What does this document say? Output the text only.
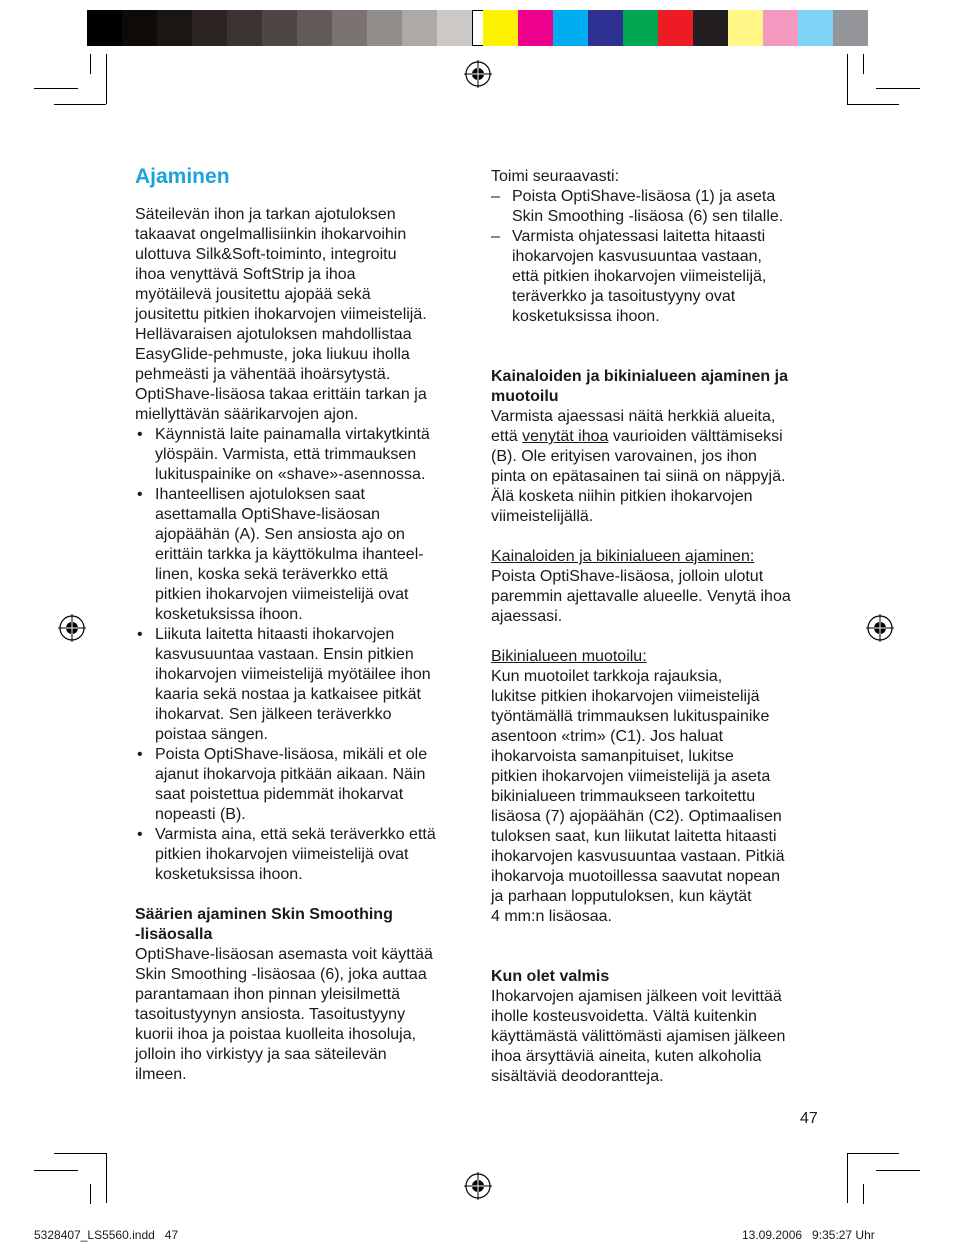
Ajaminen
Säteilevän ihon ja tarkan ajotuloksen
takaavat ongelmallisiinkin ihokarvoihin
ulottuva Silk&Soft-toiminto, integroitu
ihoa venyttävä SoftStrip ja ihoa
myötäilevä jousitettu ajopää sekä
jousitettu pitkien ihokarvojen viimeistelijä.
Hellävaraisen ajotuloksen mahdollistaa
EasyGlide-pehmuste, joka liukuu iholla
pehmeästi ja vähentää ihoärsytystä.
OptiShave-lisäosa takaa erittäin tarkan ja
miellyttävän säärikarvojen ajon.
• Käynnistä laite painamalla virtakytkintä
ylöspäin. Varmista, että trimmauksen
lukituspainike on «shave»-asennossa.
• Ihanteellisen ajotuloksen saat
asettamalla OptiShave-lisäosan
ajopäähän (A). Sen ansiosta ajo on
erittäin tarkka ja käyttökulma ihanteel-
linen, koska sekä teräverkko että
pitkien ihokarvojen viimeistelijä ovat
kosketuksissa ihoon.
• Liikuta laitetta hitaasti ihokarvojen
kasvusuuntaa vastaan. Ensin pitkien
ihokarvojen viimeistelijä myötäilee ihon
kaaria sekä nostaa ja katkaisee pitkät
ihokarvat. Sen jälkeen teräverkko
poistaa sängen.
• Poista OptiShave-lisäosa, mikäli et ole
ajanut ihokarvoja pitkään aikaan. Näin
saat poistettua pidemmät ihokarvat
nopeasti (B).
• Varmista aina, että sekä teräverkko että
pitkien ihokarvojen viimeistelijä ovat
kosketuksissa ihoon.
Säärien ajaminen Skin Smoothing
-lisäosalla
OptiShave-lisäosan asemasta voit käyttää
Skin Smoothing -lisäosaa (6), joka auttaa
parantamaan ihon pinnan yleisilmettä
tasoitustyynyn ansiosta. Tasoitustyyny
kuorii ihoa ja poistaa kuolleita ihosoluja,
jolloin iho virkistyy ja saa säteilevän
ilmeen.

Toimi seuraavasti:

– Poista OptiShave-lisäosa (1) ja aseta
Skin Smoothing -lisäosa (6) sen tilalle.
– Varmista ohjatessasi laitetta hitaasti
ihokarvojen kasvusuuntaa vastaan,
että pitkien ihokarvojen viimeistelijä,
teräverkko ja tasoitustyyny ovat
kosketuksissa ihoon.
Kainaloiden ja bikinialueen ajaminen ja
muotoilu

Varmista ajaessasi näitä herkkiä alueita,

että venytät ihoa vaurioiden välttämiseksi

(B). Ole erityisen varovainen, jos ihon
pinta on epätasainen tai siinä on näppyjä.
Älä kosketa niihin pitkien ihokarvojen
viimeistelijällä.

Kainaloiden ja bikinialueen ajaminen:

Poista OptiShave-lisäosa, jolloin ulotut
paremmin ajettavalle alueelle. Venytä ihoa
ajaessasi.

Bikinialueen muotoilu:

Kun muotoilet tarkkoja rajauksia,
lukitse pitkien ihokarvojen viimeistelijä
työntämällä trimmauksen lukituspainike
asentoon «trim» (C1). Jos haluat
ihokarvoista samanpituiset, lukitse
pitkien ihokarvojen viimeistelijä ja aseta
bikinialueen trimmaukseen tarkoitettu
lisäosa (7) ajopäähän (C2). Optimaalisen
tuloksen saat, kun liikutat laitetta hitaasti
ihokarvojen kasvusuuntaa vastaan. Pitkiä
ihokarvoja muotoillessa saavutat nopean
ja parhaan lopputuloksen, kun käytät
4 mm:n lisäosaa.

Kun olet valmis

Ihokarvojen ajamisen jälkeen voit levittää
iholle kosteusvoidetta. Vältä kuitenkin
käyttämästä välittömästi ajamisen jälkeen
ihoa ärsyttäviä aineita, kuten alkoholia
sisältäviä deodorantteja.
47
5328407_LS5560.indd   47	13.09.2006   9:35:27 Uhr
